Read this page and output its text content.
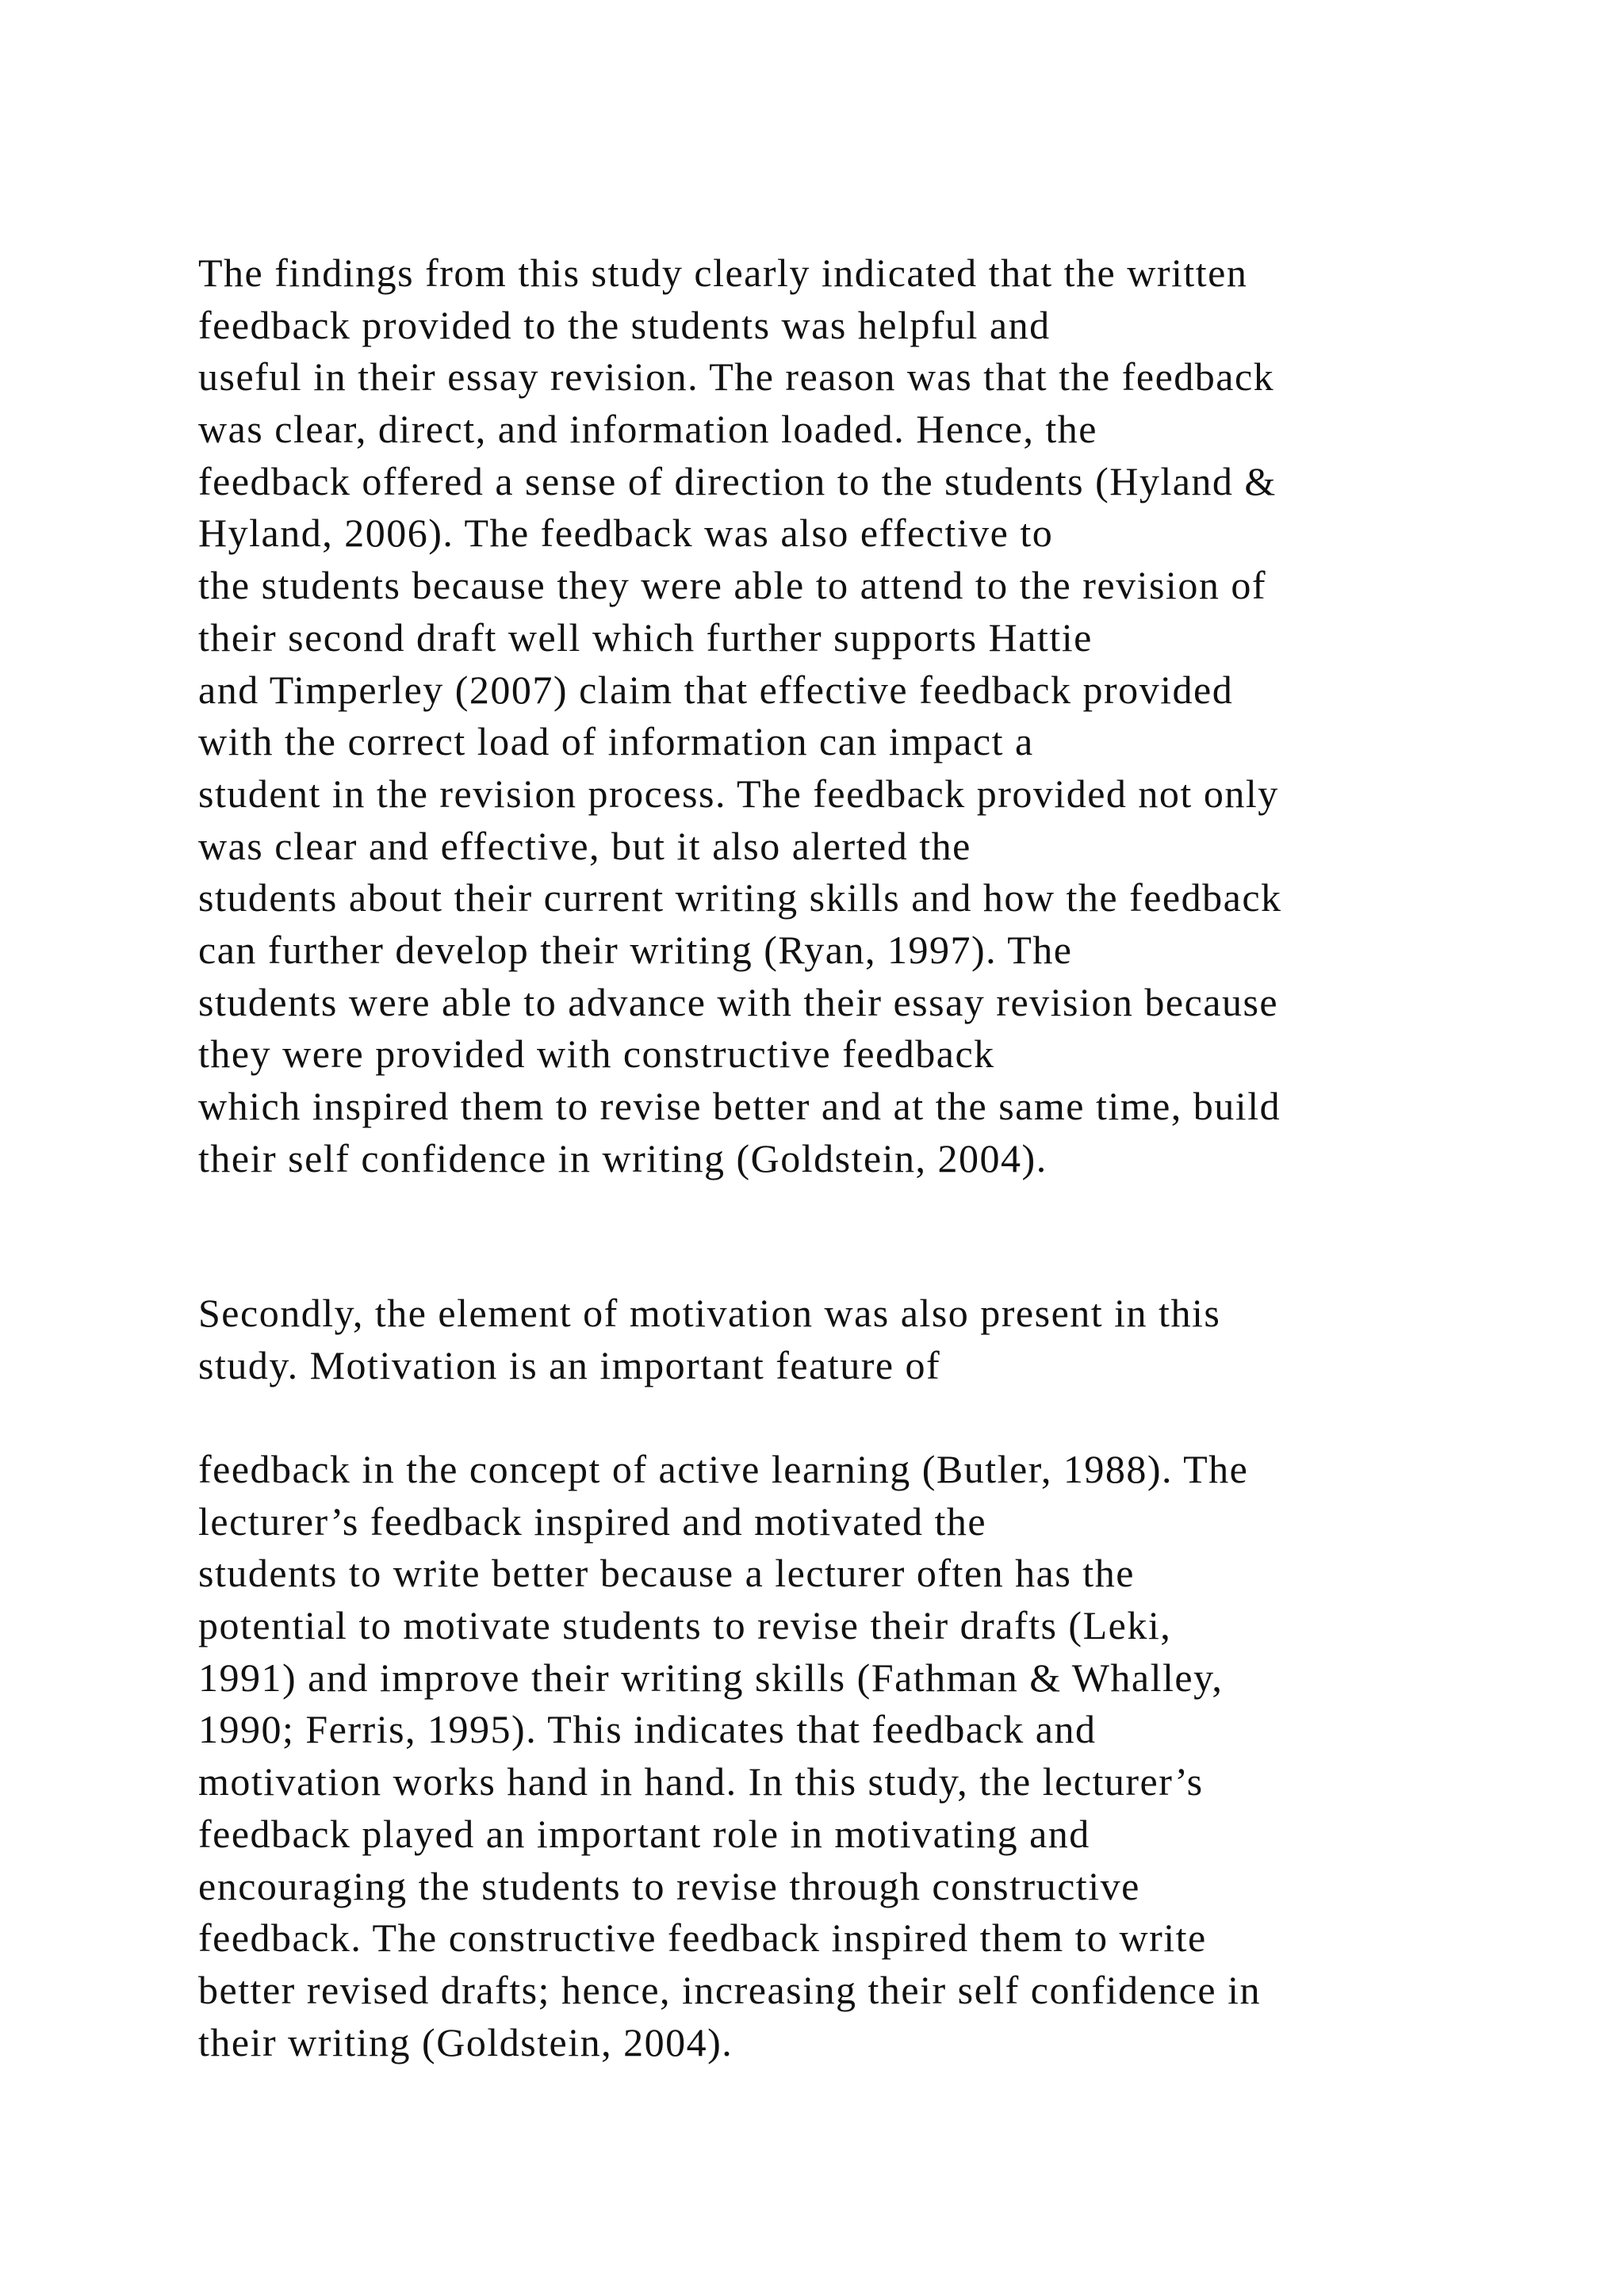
The findings from this study clearly indicated that the written
feedback provided to the students was helpful and
useful in their essay revision. The reason was that the feedback
was clear, direct, and information loaded. Hence, the
feedback offered a sense of direction to the students (Hyland &
Hyland, 2006). The feedback was also effective to
the students because they were able to attend to the revision of
their second draft well which further supports Hattie
and Timperley (2007) claim that effective feedback provided
with the correct load of information can impact a
student in the revision process. The feedback provided not only
was clear and effective, but it also alerted the
students about their current writing skills and how the feedback
can further develop their writing (Ryan, 1997). The
students were able to advance with their essay revision because
they were provided with constructive feedback
which inspired them to revise better and at the same time, build
their self confidence in writing (Goldstein, 2004).
Secondly, the element of motivation was also present in this
study. Motivation is an important feature of
feedback in the concept of active learning (Butler, 1988). The
lecturer’s feedback inspired and motivated the
students to write better because a lecturer often has the
potential to motivate students to revise their drafts (Leki,
1991) and improve their writing skills (Fathman & Whalley,
1990; Ferris, 1995). This indicates that feedback and
motivation works hand in hand. In this study, the lecturer’s
feedback played an important role in motivating and
encouraging the students to revise through constructive
feedback. The constructive feedback inspired them to write
better revised drafts; hence, increasing their self confidence in
their writing (Goldstein, 2004).
